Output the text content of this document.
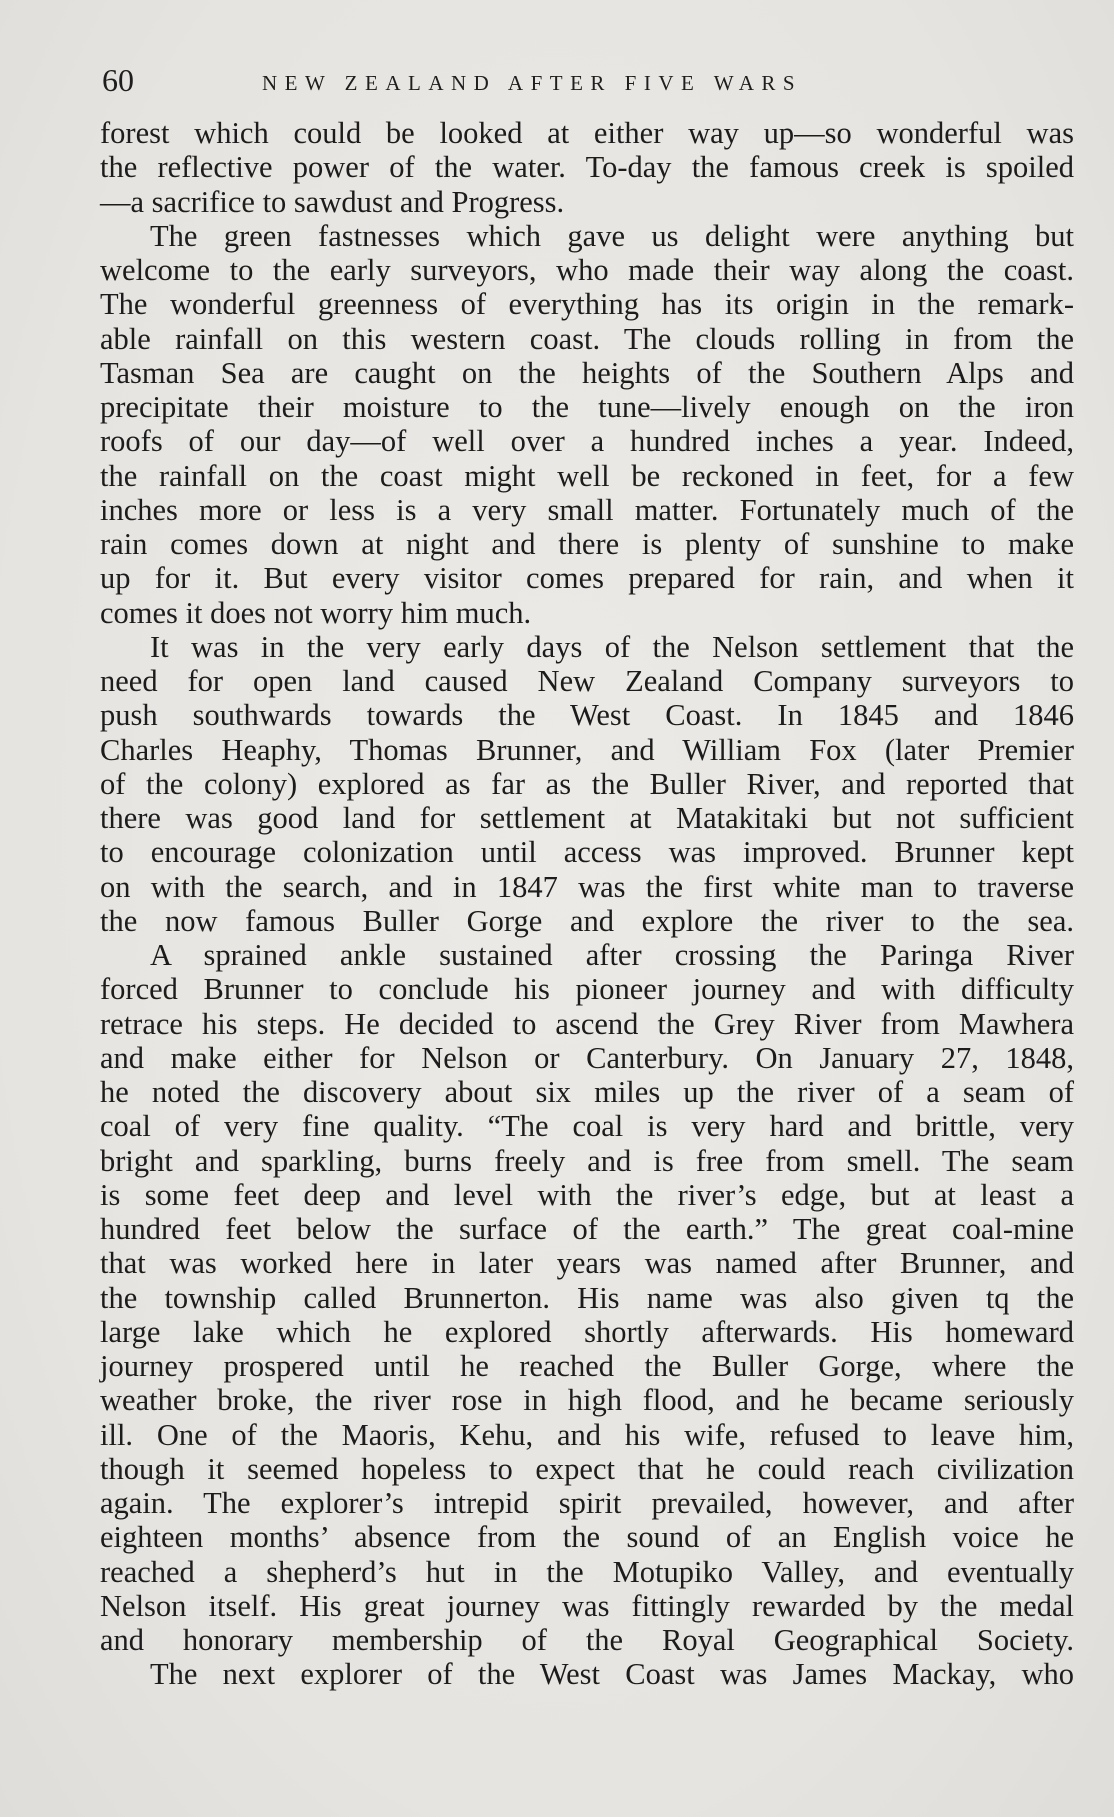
60	NEW ZEALAND AFTER FIVE WARS
forest which could be looked at either way up—so wonderful was
the reflective power of the water. To-day the famous creek is spoiled
—a sacrifice to sawdust and Progress.
The green fastnesses which gave us delight were anything but
welcome to the early surveyors, who made their way along the coast.
The wonderful greenness of everything has its origin in the remark-
able rainfall on this western coast. The clouds rolling in from the
Tasman Sea are caught on the heights of the Southern Alps and
precipitate their moisture to the tune—lively enough on the iron
roofs of our day—of well over a hundred inches a year. Indeed,
the rainfall on the coast might well be reckoned in feet, for a few
inches more or less is a very small matter. Fortunately much of the
rain comes down at night and there is plenty of sunshine to make
up for it. But every visitor comes prepared for rain, and when it
comes it does not worry him much.
It was in the very early days of the Nelson settlement that the
need for open land caused New Zealand Company surveyors to
push southwards towards the West Coast. In 1845 and 1846
Charles Heaphy, Thomas Brunner, and William Fox (later Premier
of the colony) explored as far as the Buller River, and reported that
there was good land for settlement at Matakitaki but not sufficient
to encourage colonization until access was improved. Brunner kept
on with the search, and in 1847 was the first white man to traverse
the now famous Buller Gorge and explore the river to the sea.
A sprained ankle sustained after crossing the Paringa River
forced Brunner to conclude his pioneer journey and with difficulty
retrace his steps. He decided to ascend the Grey River from Mawhera
and make either for Nelson or Canterbury. On January 27, 1848,
he noted the discovery about six miles up the river of a seam of
coal of very fine quality. “The coal is very hard and brittle, very
bright and sparkling, burns freely and is free from smell. The seam
is some feet deep and level with the river’s edge, but at least a
hundred feet below the surface of the earth.” The great coal-mine
that was worked here in later years was named after Brunner, and
the township called Brunnerton. His name was also given tq the
large lake which he explored shortly afterwards. His homeward
journey prospered until he reached the Buller Gorge, where the
weather broke, the river rose in high flood, and he became seriously
ill. One of the Maoris, Kehu, and his wife, refused to leave him,
though it seemed hopeless to expect that he could reach civilization
again. The explorer’s intrepid spirit prevailed, however, and after
eighteen months’ absence from the sound of an English voice he
reached a shepherd’s hut in the Motupiko Valley, and eventually
Nelson itself. His great journey was fittingly rewarded by the medal
and honorary membership of the Royal Geographical Society.
The next explorer of the West Coast was James Mackay, who
